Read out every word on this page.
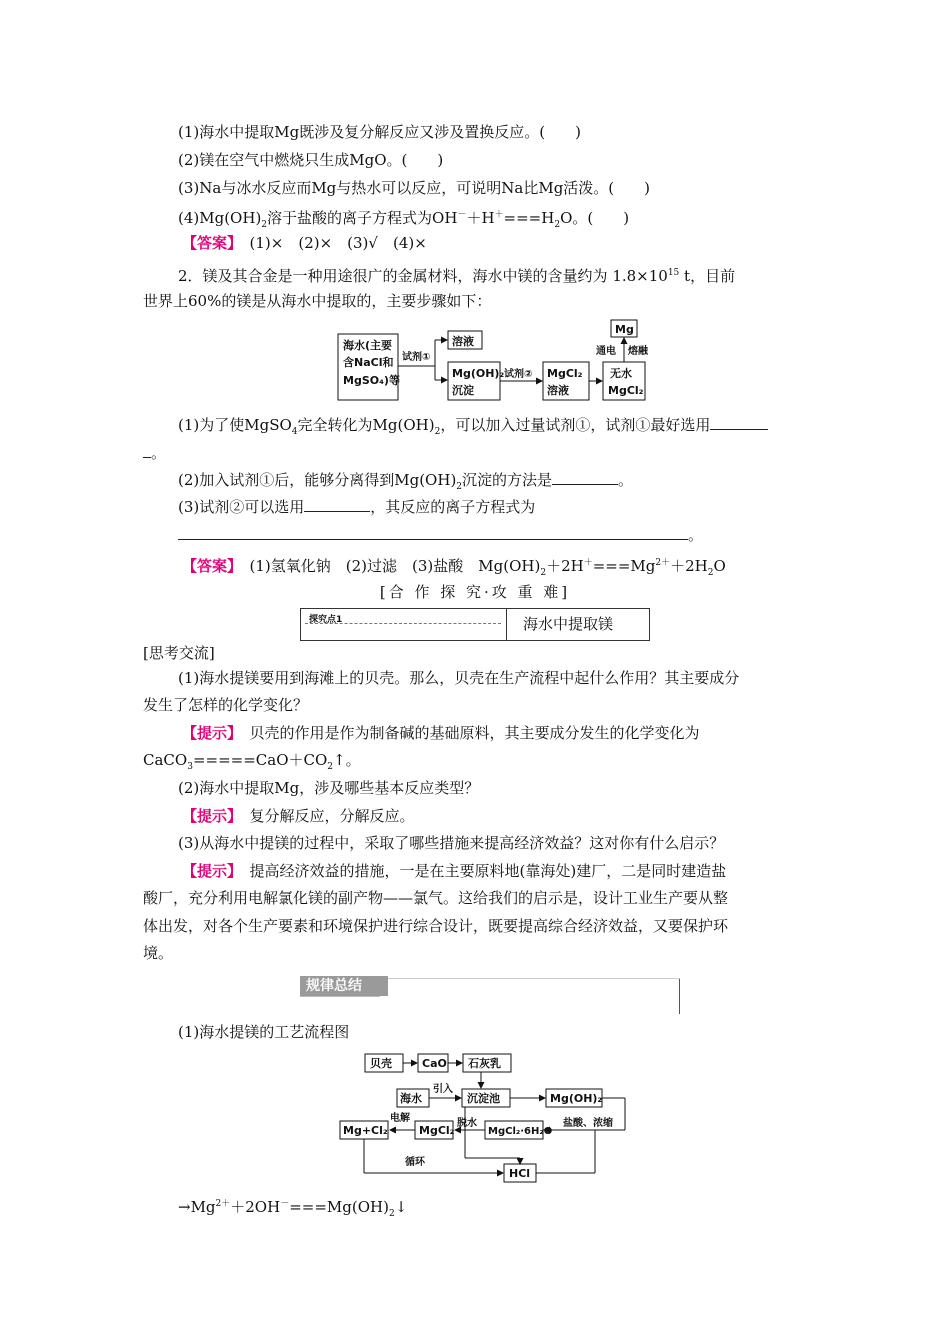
(1)海水中提取Mg既涉及复分解反应又涉及置换反应。(　　)
(2)镁在空气中燃烧只生成MgO。(　　)
(3)Na与冰水反应而Mg与热水可以反应，可说明Na比Mg活泼。(　　)
$(4)Mg(OH)_2$溶于盐酸的离子方程式为$OH^-+H^+===H_2O$。(　　)
【答案】　 (1)×　(2)×　(3)√　(4)×
2．镁及其合金是一种用途很广的金属材料，海水中镁的含量约为 $1.8\times 10^{15}$ t，目前
世界上60%的镁是从海水中提取的，主要步骤如下：
海水(主要
含NaCl和
MgSO₄)等
试剂①
溶液
Mg(OH)₂
沉淀
试剂② MgCl₂
溶液
无水
MgCl₂
Mg
通电 熔融
(1)为了使MgSO$_4$完全转化为$Mg(OH)_2$，可以加入过量试剂①，试剂①最好选用
。
(2)加入试剂①后，能够分离得到$Mg(OH)_2$沉淀的方法是	。
(3)试剂②可以选用	，其反应的离子方程式为
。
【答案】　 (1)氢氧化钠　(2)过滤　(3)盐酸　$Mg(OH)_2+2H^+===Mg^{2+}+2H_2O$
[合 作 探 究·攻 重 难]
探究点1	海水中提取镁
[思考交流]
(1)海水提镁要用到海滩上的贝壳。那么，贝壳在生产流程中起什么作用？其主要成分
发生了怎样的化学变化？
【提示】　贝壳的作用是作为制备碱的基础原料，其主要成分发生的化学变化为
$CaCO_3=====CaO+CO_2↑$。
(2)海水中提取Mg，涉及哪些基本反应类型？
【提示】　复分解反应，分解反应。
(3)从海水中提镁的过程中，采取了哪些措施来提高经济效益？这对你有什么启示？
【提示】　提高经济效益的措施，一是在主要原料地(靠海处)建厂，二是同时建造盐
酸厂，充分利用电解氯化镁的副产物——氯气。这给我们的启示是，设计工业生产要从整
体出发，对各个生产要素和环境保护进行综合设计，既要提高综合经济效益，又要保护环
境。
规律总结
(1)海水提镁的工艺流程图
贝壳	CaO 石灰乳
海水
引入
沉淀池	Mg(OH)₂
盐酸、浓缩
MgCl₂·6H₂O
脱水
MgCl₂
电解
Mg+Cl₂
循环
HCl
$\to Mg^{2+}+2OH^-===Mg(OH)_2↓$
